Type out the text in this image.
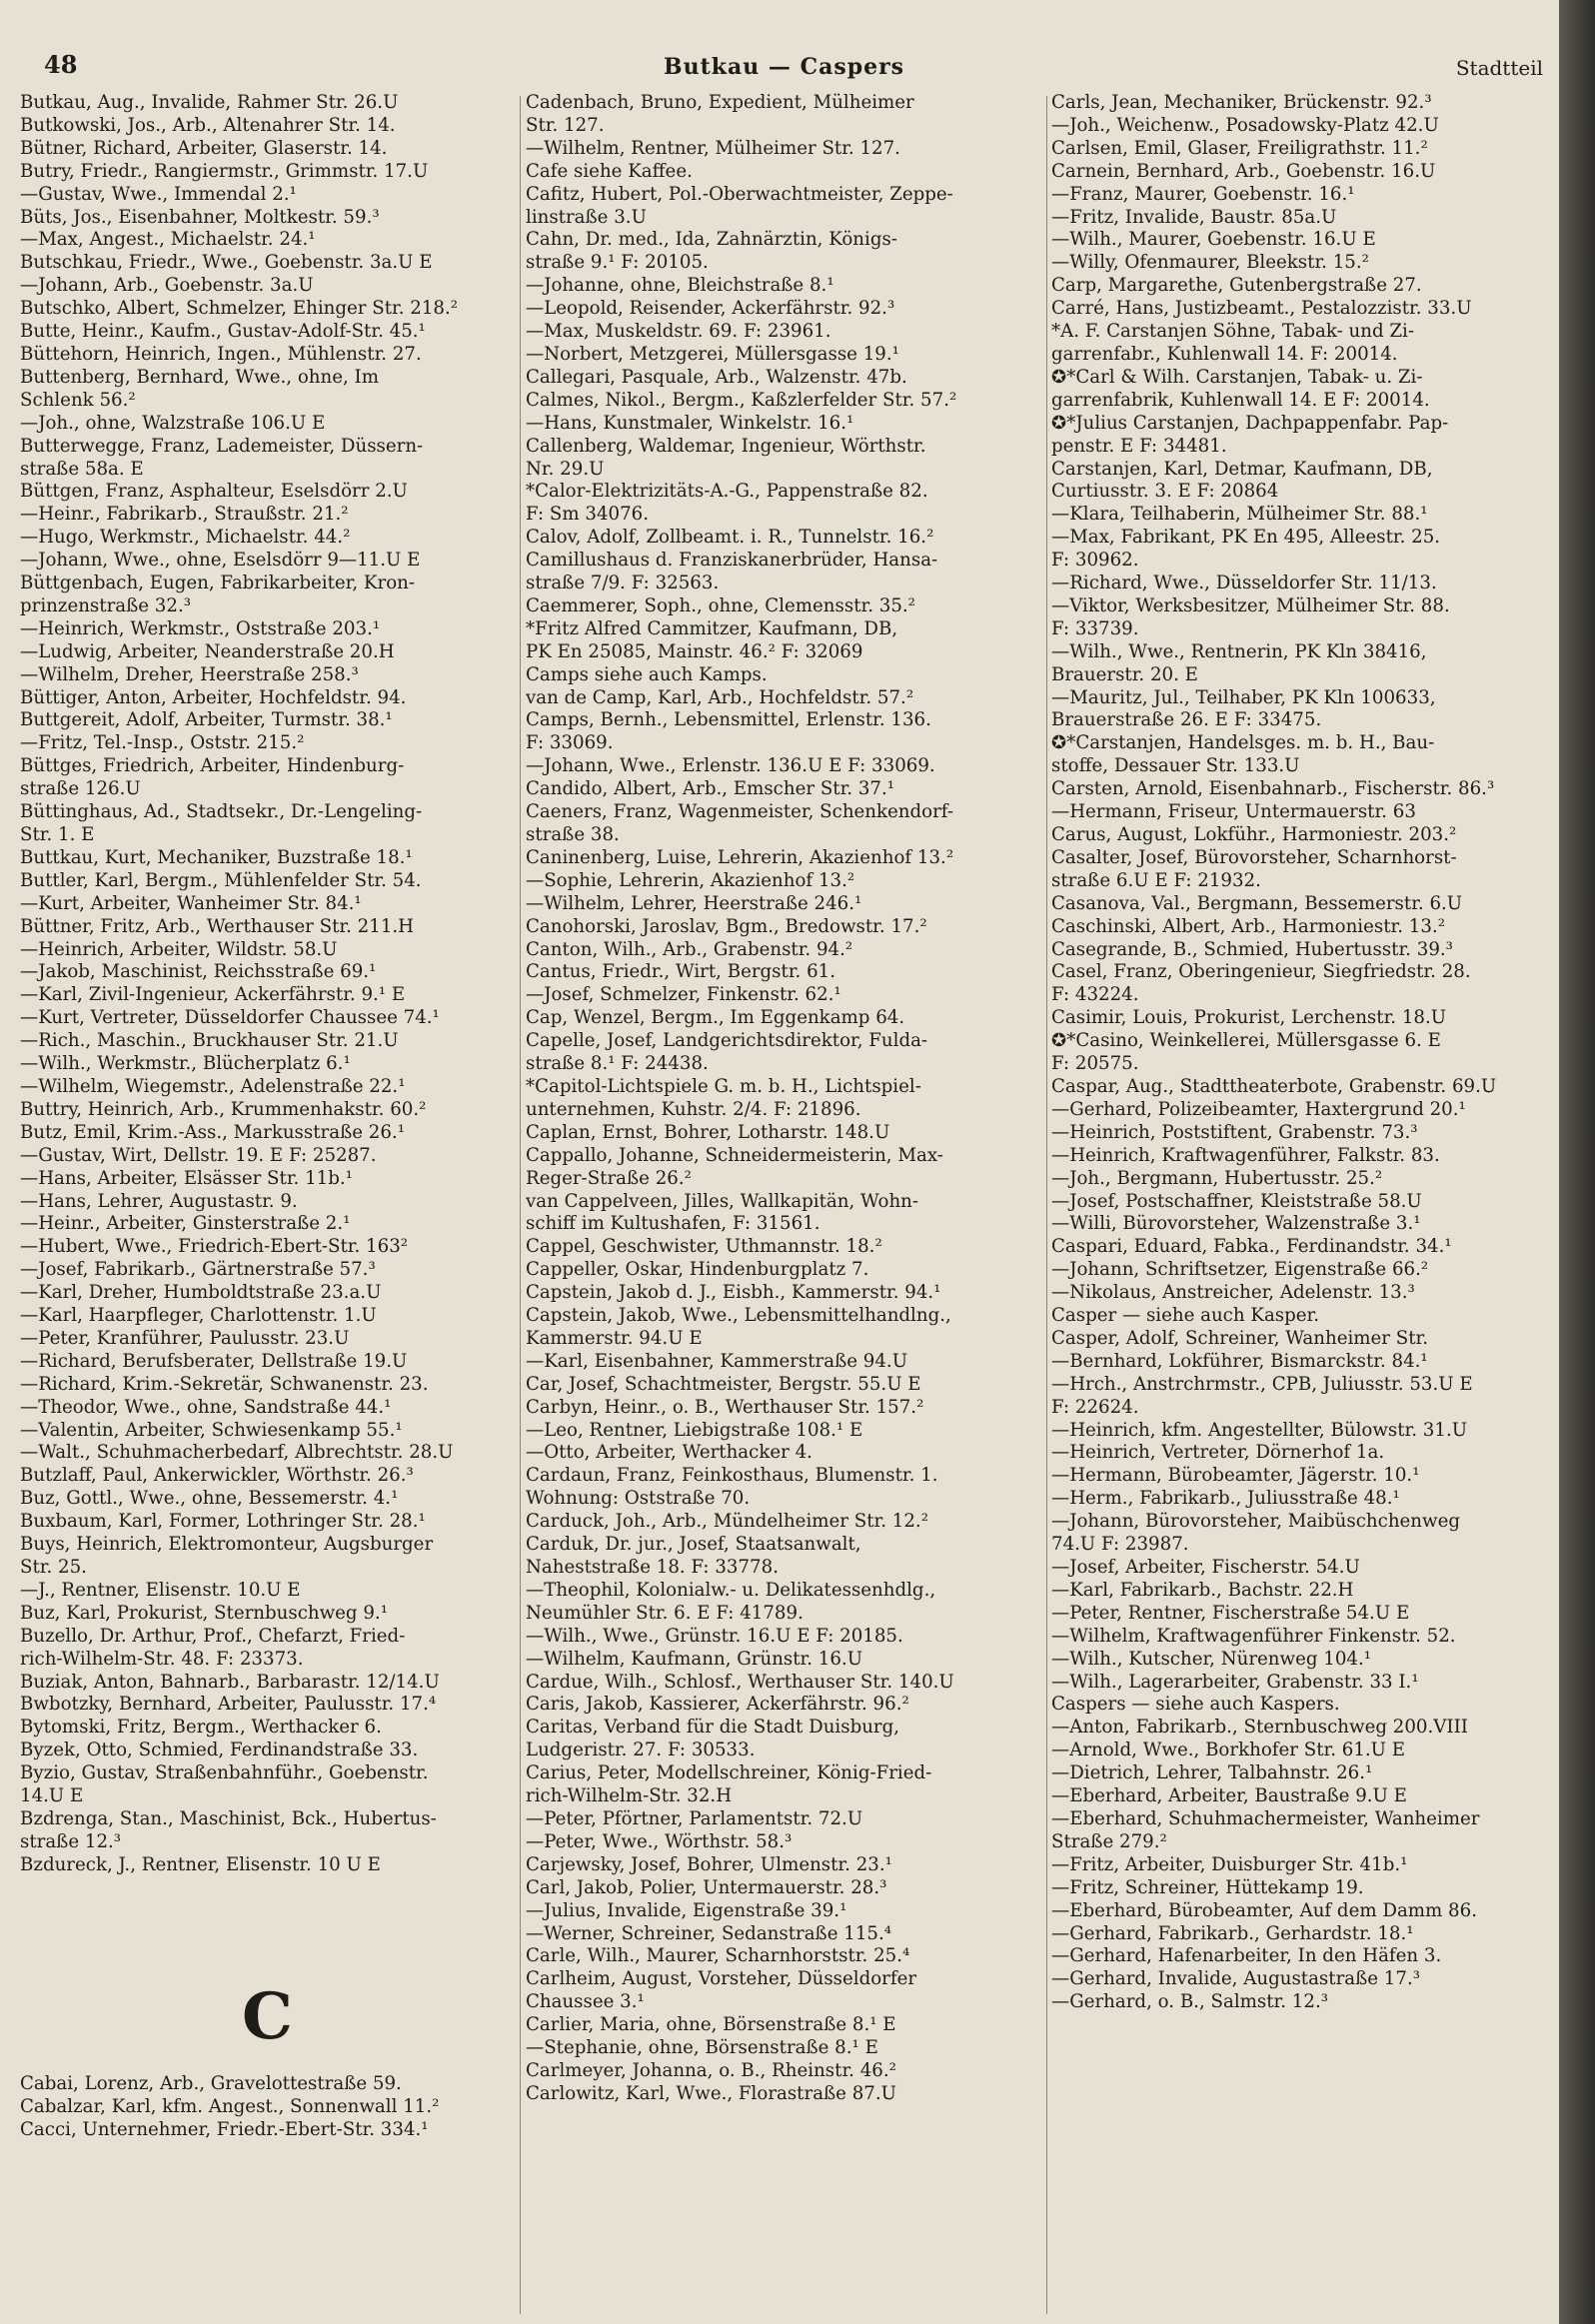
48	Butkau — Caspers	Stadtteil
Butkau, Aug., Invalide, Rahmer Str. 26.U
Butkowski, Jos., Arb., Altenahrer Str. 14.
Bütner, Richard, Arbeiter, Glaserstr. 14.
Butry, Friedr., Rangiermstr., Grimmstr. 17.U
—Gustav, Wwe., Immendal 2.¹
Büts, Jos., Eisenbahner, Moltkestr. 59.³
—Max, Angest., Michaelstr. 24.¹
Butschkau, Friedr., Wwe., Goebenstr. 3a.U E
—Johann, Arb., Goebenstr. 3a.U
Butschko, Albert, Schmelzer, Ehinger Str. 218.²
Butte, Heinr., Kaufm., Gustav-Adolf-Str. 45.¹
Büttehorn, Heinrich, Ingen., Mühlenstr. 27.
Buttenberg, Bernhard, Wwe., ohne, Im
Schlenk 56.²
—Joh., ohne, Walzstraße 106.U E
Butterwegge, Franz, Lademeister, Düssern-
straße 58a. E
Büttgen, Franz, Asphalteur, Eselsdörr 2.U
—Heinr., Fabrikarb., Straußstr. 21.²
—Hugo, Werkmstr., Michaelstr. 44.²
—Johann, Wwe., ohne, Eselsdörr 9—11.U E
Büttgenbach, Eugen, Fabrikarbeiter, Kron-
prinzenstraße 32.³
—Heinrich, Werkmstr., Oststraße 203.¹
—Ludwig, Arbeiter, Neanderstraße 20.H
—Wilhelm, Dreher, Heerstraße 258.³
Büttiger, Anton, Arbeiter, Hochfeldstr. 94.
Buttgereit, Adolf, Arbeiter, Turmstr. 38.¹
—Fritz, Tel.-Insp., Oststr. 215.²
Büttges, Friedrich, Arbeiter, Hindenburg-
straße 126.U
Büttinghaus, Ad., Stadtsekr., Dr.-Lengeling-
Str. 1. E
Buttkau, Kurt, Mechaniker, Buzstraße 18.¹
Buttler, Karl, Bergm., Mühlenfelder Str. 54.
—Kurt, Arbeiter, Wanheimer Str. 84.¹
Büttner, Fritz, Arb., Werthauser Str. 211.H
—Heinrich, Arbeiter, Wildstr. 58.U
—Jakob, Maschinist, Reichsstraße 69.¹
—Karl, Zivil-Ingenieur, Ackerfährstr. 9.¹ E
—Kurt, Vertreter, Düsseldorfer Chaussee 74.¹
—Rich., Maschin., Bruckhauser Str. 21.U
—Wilh., Werkmstr., Blücherplatz 6.¹
—Wilhelm, Wiegemstr., Adelenstraße 22.¹
Buttry, Heinrich, Arb., Krummenhakstr. 60.²
Butz, Emil, Krim.-Ass., Markusstraße 26.¹
—Gustav, Wirt, Dellstr. 19. E F: 25287.
—Hans, Arbeiter, Elsässer Str. 11b.¹
—Hans, Lehrer, Augustastr. 9.
—Heinr., Arbeiter, Ginsterstraße 2.¹
—Hubert, Wwe., Friedrich-Ebert-Str. 163²
—Josef, Fabrikarb., Gärtnerstraße 57.³
—Karl, Dreher, Humboldtstraße 23.a.U
—Karl, Haarpfleger, Charlottenstr. 1.U
—Peter, Kranführer, Paulusstr. 23.U
—Richard, Berufsberater, Dellstraße 19.U
—Richard, Krim.-Sekretär, Schwanenstr. 23.
—Theodor, Wwe., ohne, Sandstraße 44.¹
—Valentin, Arbeiter, Schwiesenkamp 55.¹
—Walt., Schuhmacherbedarf, Albrechtstr. 28.U
Butzlaff, Paul, Ankerwickler, Wörthstr. 26.³
Buz, Gottl., Wwe., ohne, Bessemerstr. 4.¹
Buxbaum, Karl, Former, Lothringer Str. 28.¹
Buys, Heinrich, Elektromonteur, Augsburger
Str. 25.
—J., Rentner, Elisenstr. 10.U E
Buz, Karl, Prokurist, Sternbuschweg 9.¹
Buzello, Dr. Arthur, Prof., Chefarzt, Fried-
rich-Wilhelm-Str. 48. F: 23373.
Buziak, Anton, Bahnarb., Barbarastr. 12/14.U
Bwbotzky, Bernhard, Arbeiter, Paulusstr. 17.⁴
Bytomski, Fritz, Bergm., Werthacker 6.
Byzek, Otto, Schmied, Ferdinandstraße 33.
Byzio, Gustav, Straßenbahnführ., Goebenstr.
14.U E
Bzdrenga, Stan., Maschinist, Bck., Hubertus-
straße 12.³
Bzdureck, J., Rentner, Elisenstr. 10 U E
C
Cabai, Lorenz, Arb., Gravelottestraße 59.
Cabalzar, Karl, kfm. Angest., Sonnenwall 11.²
Cacci, Unternehmer, Friedr.-Ebert-Str. 334.¹
Cadenbach, Bruno, Expedient, Mülheimer
Str. 127.
—Wilhelm, Rentner, Mülheimer Str. 127.
Cafe siehe Kaffee.
Cafitz, Hubert, Pol.-Oberwachtmeister, Zeppe-
linstraße 3.U
Cahn, Dr. med., Ida, Zahnärztin, Königs-
straße 9.¹ F: 20105.
—Johanne, ohne, Bleichstraße 8.¹
—Leopold, Reisender, Ackerfährstr. 92.³
—Max, Muskeldstr. 69. F: 23961.
—Norbert, Metzgerei, Müllersgasse 19.¹
Callegari, Pasquale, Arb., Walzenstr. 47b.
Calmes, Nikol., Bergm., Kaßzlerfelder Str. 57.²
—Hans, Kunstmaler, Winkelstr. 16.¹
Callenberg, Waldemar, Ingenieur, Wörthstr.
Nr. 29.U
*Calor-Elektrizitäts-A.-G., Pappenstraße 82.
F: Sm 34076.
Calov, Adolf, Zollbeamt. i. R., Tunnelstr. 16.²
Camillushaus d. Franziskanerbrüder, Hansa-
straße 7/9. F: 32563.
Caemmerer, Soph., ohne, Clemensstr. 35.²
*Fritz Alfred Cammitzer, Kaufmann, DB,
PK En 25085, Mainstr. 46.² F: 32069
Camps siehe auch Kamps.
van de Camp, Karl, Arb., Hochfeldstr. 57.²
Camps, Bernh., Lebensmittel, Erlenstr. 136.
F: 33069.
—Johann, Wwe., Erlenstr. 136.U E F: 33069.
Candido, Albert, Arb., Emscher Str. 37.¹
Caeners, Franz, Wagenmeister, Schenkendorf-
straße 38.
Caninenberg, Luise, Lehrerin, Akazienhof 13.²
—Sophie, Lehrerin, Akazienhof 13.²
—Wilhelm, Lehrer, Heerstraße 246.¹
Canohorski, Jaroslav, Bgm., Bredowstr. 17.²
Canton, Wilh., Arb., Grabenstr. 94.²
Cantus, Friedr., Wirt, Bergstr. 61.
—Josef, Schmelzer, Finkenstr. 62.¹
Cap, Wenzel, Bergm., Im Eggenkamp 64.
Capelle, Josef, Landgerichtsdirektor, Fulda-
straße 8.¹ F: 24438.
*Capitol-Lichtspiele G. m. b. H., Lichtspiel-
unternehmen, Kuhstr. 2/4. F: 21896.
Caplan, Ernst, Bohrer, Lotharstr. 148.U
Cappallo, Johanne, Schneidermeisterin, Max-
Reger-Straße 26.²
van Cappelveen, Jilles, Wallkapitän, Wohn-
schiff im Kultushafen, F: 31561.
Cappel, Geschwister, Uthmannstr. 18.²
Cappeller, Oskar, Hindenburgplatz 7.
Capstein, Jakob d. J., Eisbh., Kammerstr. 94.¹
Capstein, Jakob, Wwe., Lebensmittelhandlng.,
Kammerstr. 94.U E
—Karl, Eisenbahner, Kammerstraße 94.U
Car, Josef, Schachtmeister, Bergstr. 55.U E
Carbyn, Heinr., o. B., Werthauser Str. 157.²
—Leo, Rentner, Liebigstraße 108.¹ E
—Otto, Arbeiter, Werthacker 4.
Cardaun, Franz, Feinkosthaus, Blumenstr. 1.
Wohnung: Oststraße 70.
Carduck, Joh., Arb., Mündelheimer Str. 12.²
Carduk, Dr. jur., Josef, Staatsanwalt,
Naheststraße 18. F: 33778.
—Theophil, Kolonialw.- u. Delikatessenhdlg.,
Neumühler Str. 6. E F: 41789.
—Wilh., Wwe., Grünstr. 16.U E F: 20185.
—Wilhelm, Kaufmann, Grünstr. 16.U
Cardue, Wilh., Schlosf., Werthauser Str. 140.U
Caris, Jakob, Kassierer, Ackerfährstr. 96.²
Caritas, Verband für die Stadt Duisburg,
Ludgeristr. 27. F: 30533.
Carius, Peter, Modellschreiner, König-Fried-
rich-Wilhelm-Str. 32.H
—Peter, Pförtner, Parlamentstr. 72.U
—Peter, Wwe., Wörthstr. 58.³
Carjewsky, Josef, Bohrer, Ulmenstr. 23.¹
Carl, Jakob, Polier, Untermauerstr. 28.³
—Julius, Invalide, Eigenstraße 39.¹
—Werner, Schreiner, Sedanstraße 115.⁴
Carle, Wilh., Maurer, Scharnhorststr. 25.⁴
Carlheim, August, Vorsteher, Düsseldorfer
Chaussee 3.¹
Carlier, Maria, ohne, Börsenstraße 8.¹ E
—Stephanie, ohne, Börsenstraße 8.¹ E
Carlmeyer, Johanna, o. B., Rheinstr. 46.²
Carlowitz, Karl, Wwe., Florastraße 87.U
Carls, Jean, Mechaniker, Brückenstr. 92.³
—Joh., Weichenw., Posadowsky-Platz 42.U
Carlsen, Emil, Glaser, Freiligrathstr. 11.²
Carnein, Bernhard, Arb., Goebenstr. 16.U
—Franz, Maurer, Goebenstr. 16.¹
—Fritz, Invalide, Baustr. 85a.U
—Wilh., Maurer, Goebenstr. 16.U E
—Willy, Ofenmaurer, Bleekstr. 15.²
Carp, Margarethe, Gutenbergstraße 27.
Carré, Hans, Justizbeamt., Pestalozzistr. 33.U
*A. F. Carstanjen Söhne, Tabak- und Zi-
garrenfabr., Kuhlenwall 14. F: 20014.
✪*Carl & Wilh. Carstanjen, Tabak- u. Zi-
garrenfabrik, Kuhlenwall 14. E F: 20014.
✪*Julius Carstanjen, Dachpappenfabr. Pap-
penstr. E F: 34481.
Carstanjen, Karl, Detmar, Kaufmann, DB,
Curtiusstr. 3. E F: 20864
—Klara, Teilhaberin, Mülheimer Str. 88.¹
—Max, Fabrikant, PK En 495, Alleestr. 25.
F: 30962.
—Richard, Wwe., Düsseldorfer Str. 11/13.
—Viktor, Werksbesitzer, Mülheimer Str. 88.
F: 33739.
—Wilh., Wwe., Rentnerin, PK Kln 38416,
Brauerstr. 20. E
—Mauritz, Jul., Teilhaber, PK Kln 100633,
Brauerstraße 26. E F: 33475.
✪*Carstanjen, Handelsges. m. b. H., Bau-
stoffe, Dessauer Str. 133.U
Carsten, Arnold, Eisenbahnarb., Fischerstr. 86.³
—Hermann, Friseur, Untermauerstr. 63
Carus, August, Lokführ., Harmoniestr. 203.²
Casalter, Josef, Bürovorsteher, Scharnhorst-
straße 6.U E F: 21932.
Casanova, Val., Bergmann, Bessemerstr. 6.U
Caschinski, Albert, Arb., Harmoniestr. 13.²
Casegrande, B., Schmied, Hubertusstr. 39.³
Casel, Franz, Oberingenieur, Siegfriedstr. 28.
F: 43224.
Casimir, Louis, Prokurist, Lerchenstr. 18.U
✪*Casino, Weinkellerei, Müllersgasse 6. E
F: 20575.
Caspar, Aug., Stadttheaterbote, Grabenstr. 69.U
—Gerhard, Polizeibeamter, Haxtergrund 20.¹
—Heinrich, Poststiftent, Grabenstr. 73.³
—Heinrich, Kraftwagenführer, Falkstr. 83.
—Joh., Bergmann, Hubertusstr. 25.²
—Josef, Postschaffner, Kleiststraße 58.U
—Willi, Bürovorsteher, Walzenstraße 3.¹
Caspari, Eduard, Fabka., Ferdinandstr. 34.¹
—Johann, Schriftsetzer, Eigenstraße 66.²
—Nikolaus, Anstreicher, Adelenstr. 13.³
Casper — siehe auch Kasper.
Casper, Adolf, Schreiner, Wanheimer Str.
—Bernhard, Lokführer, Bismarckstr. 84.¹
—Hrch., Anstrchrmstr., CPB, Juliusstr. 53.U E
F: 22624.
—Heinrich, kfm. Angestellter, Bülowstr. 31.U
—Heinrich, Vertreter, Dörnerhof 1a.
—Hermann, Bürobeamter, Jägerstr. 10.¹
—Herm., Fabrikarb., Juliusstraße 48.¹
—Johann, Bürovorsteher, Maibüschchenweg
74.U F: 23987.
—Josef, Arbeiter, Fischerstr. 54.U
—Karl, Fabrikarb., Bachstr. 22.H
—Peter, Rentner, Fischerstraße 54.U E
—Wilhelm, Kraftwagenführer Finkenstr. 52.
—Wilh., Kutscher, Nürenweg 104.¹
—Wilh., Lagerarbeiter, Grabenstr. 33 I.¹
Caspers — siehe auch Kaspers.
—Anton, Fabrikarb., Sternbuschweg 200.VIII
—Arnold, Wwe., Borkhofer Str. 61.U E
—Dietrich, Lehrer, Talbahnstr. 26.¹
—Eberhard, Arbeiter, Baustraße 9.U E
—Eberhard, Schuhmachermeister, Wanheimer
Straße 279.²
—Fritz, Arbeiter, Duisburger Str. 41b.¹
—Fritz, Schreiner, Hüttekamp 19.
—Eberhard, Bürobeamter, Auf dem Damm 86.
—Gerhard, Fabrikarb., Gerhardstr. 18.¹
—Gerhard, Hafenarbeiter, In den Häfen 3.
—Gerhard, Invalide, Augustastraße 17.³
—Gerhard, o. B., Salmstr. 12.³
